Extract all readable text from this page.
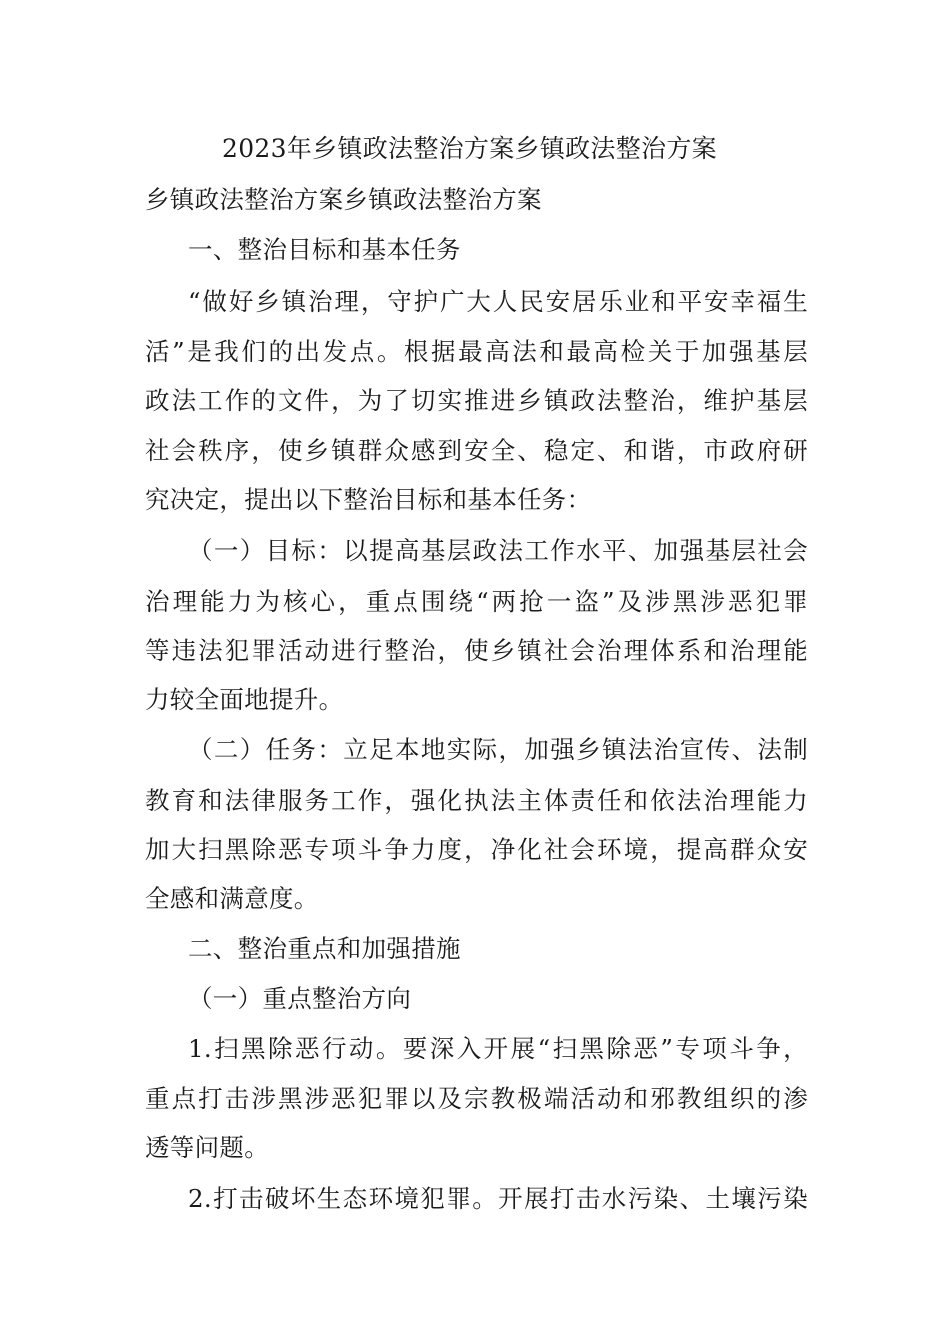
2023年乡镇政法整治方案乡镇政法整治方案
乡镇政法整治方案乡镇政法整治方案
一、整治目标和基本任务
“做好乡镇治理，守护广大人民安居乐业和平安幸福生
活”是我们的出发点。根据最高法和最高检关于加强基层
政法工作的文件，为了切实推进乡镇政法整治，维护基层
社会秩序，使乡镇群众感到安全、稳定、和谐，市政府研
究决定，提出以下整治目标和基本任务：
（一）目标：以提高基层政法工作水平、加强基层社会
治理能力为核心，重点围绕“两抢一盗”及涉黑涉恶犯罪
等违法犯罪活动进行整治，使乡镇社会治理体系和治理能
力较全面地提升。
（二）任务：立足本地实际，加强乡镇法治宣传、法制
教育和法律服务工作，强化执法主体责任和依法治理能力
加大扫黑除恶专项斗争力度，净化社会环境，提高群众安
全感和满意度。
二、整治重点和加强措施
（一）重点整治方向
1.扫黑除恶行动。要深入开展“扫黑除恶”专项斗争，
重点打击涉黑涉恶犯罪以及宗教极端活动和邪教组织的渗
透等问题。
2.打击破坏生态环境犯罪。开展打击水污染、土壤污染
